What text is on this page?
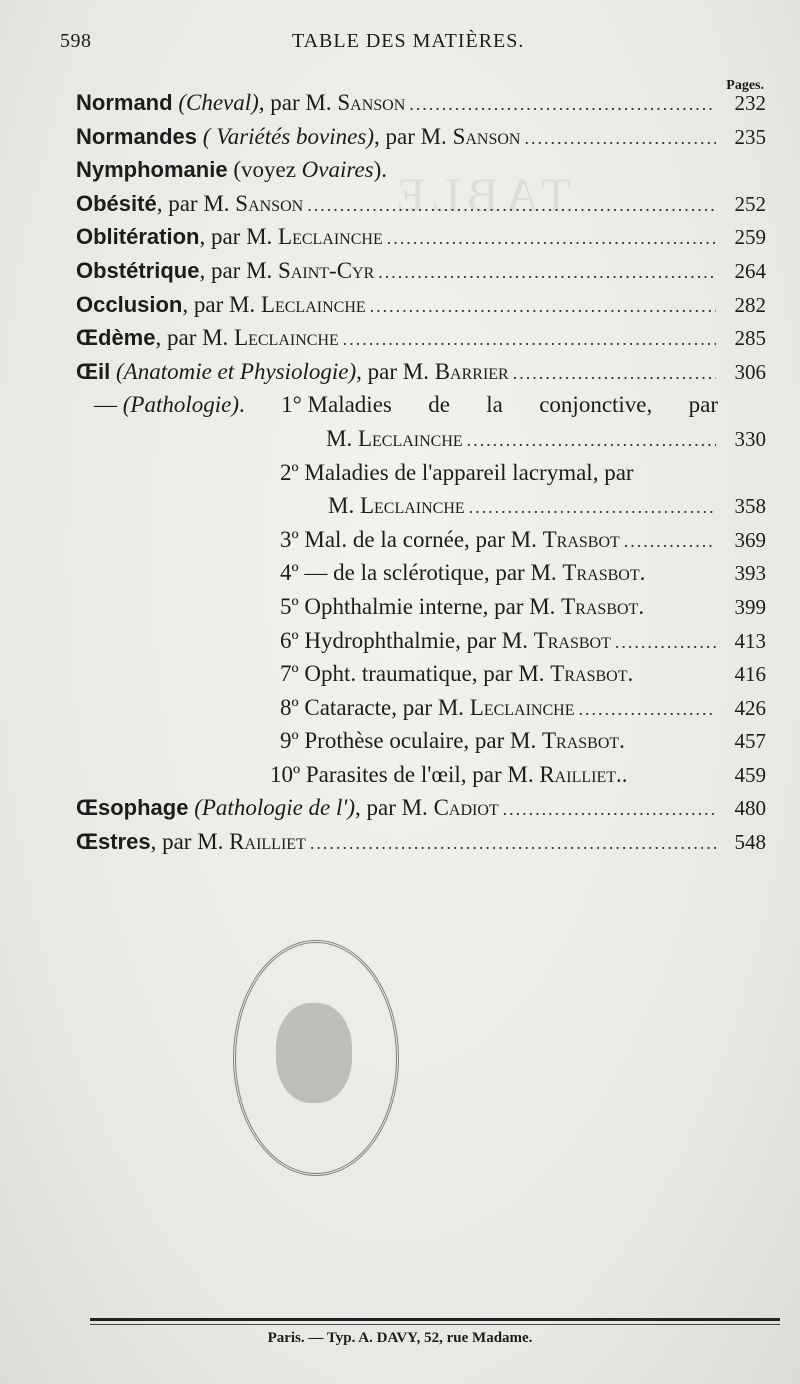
TABLE
598	TABLE DES MATIÈRES.
Pages.
Normand (Cheval), par M. Sanson .....	232
Normandes ( Variétés bovines), par M. Sanson .....	235
Nymphomanie (voyez Ovaires).
Obésité, par M. Sanson .....	252
Oblitération, par M. Leclainche .....	259
Obstétrique, par M. Saint-Cyr .....	264
Occlusion, par M. Leclainche .....	282
Œdème, par M. Leclainche .....	285
Œil (Anatomie et Physiologie), par M. Barrier .....	306
— (Pathologie). 1° Maladies de la conjonctive, par
M. Leclainche .....	330
2º Maladies de l'appareil lacrymal, par
M. Leclainche .....	358
3º Mal. de la cornée, par M. Trasbot .....	369
4º — de la sclérotique, par M. Trasbot.	393
5º Ophthalmie interne, par M. Trasbot.	399
6º Hydrophthalmie, par M. Trasbot .....	413
7º Opht. traumatique, par M. Trasbot.	416
8º Cataracte, par M. Leclainche .....	426
9º Prothèse oculaire, par M. Trasbot.	457
10º Parasites de l'œil, par M. Railliet..	459
Œsophage (Pathologie de l'), par M. Cadiot .....	480
Œstres, par M. Railliet .....	548
Paris. — Typ. A. DAVY, 52, rue Madame.
